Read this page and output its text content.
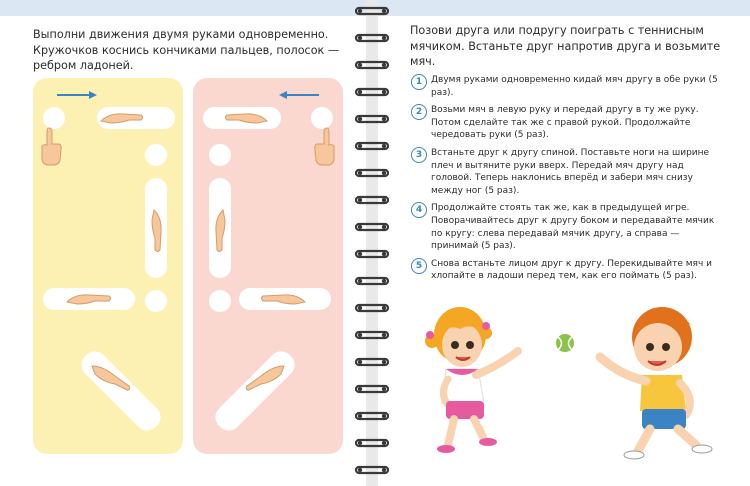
Выполни движения двумя руками одновременно. Кружочков коснись кончиками пальцев, полосок — ребром ладоней.

Позови друга или подругу поиграть с теннисным мячиком. Встаньте друг напротив друга и возьмите мяч.

1 Двумя руками одновременно кидай мяч другу в обе руки (5 раз).
2 Возьми мяч в левую руку и передай другу в ту же руку. Потом сделайте так же с правой рукой. Продолжайте чередовать руки (5 раз).
3 Встаньте друг к другу спиной. Поставьте ноги на ширине плеч и вытяните руки вверх. Передай мяч другу над головой. Теперь наклонись вперёд и забери мяч снизу между ног (5 раз).
4 Продолжайте стоять так же, как в предыдущей игре. Поворачивайтесь друг к другу боком и передавайте мячик по кругу: слева передавай мячик другу, а справа — принимай (5 раз).
5 Снова встаньте лицом друг к другу. Перекидывайте мяч и хлопайте в ладоши перед тем, как его поймать (5 раз).
